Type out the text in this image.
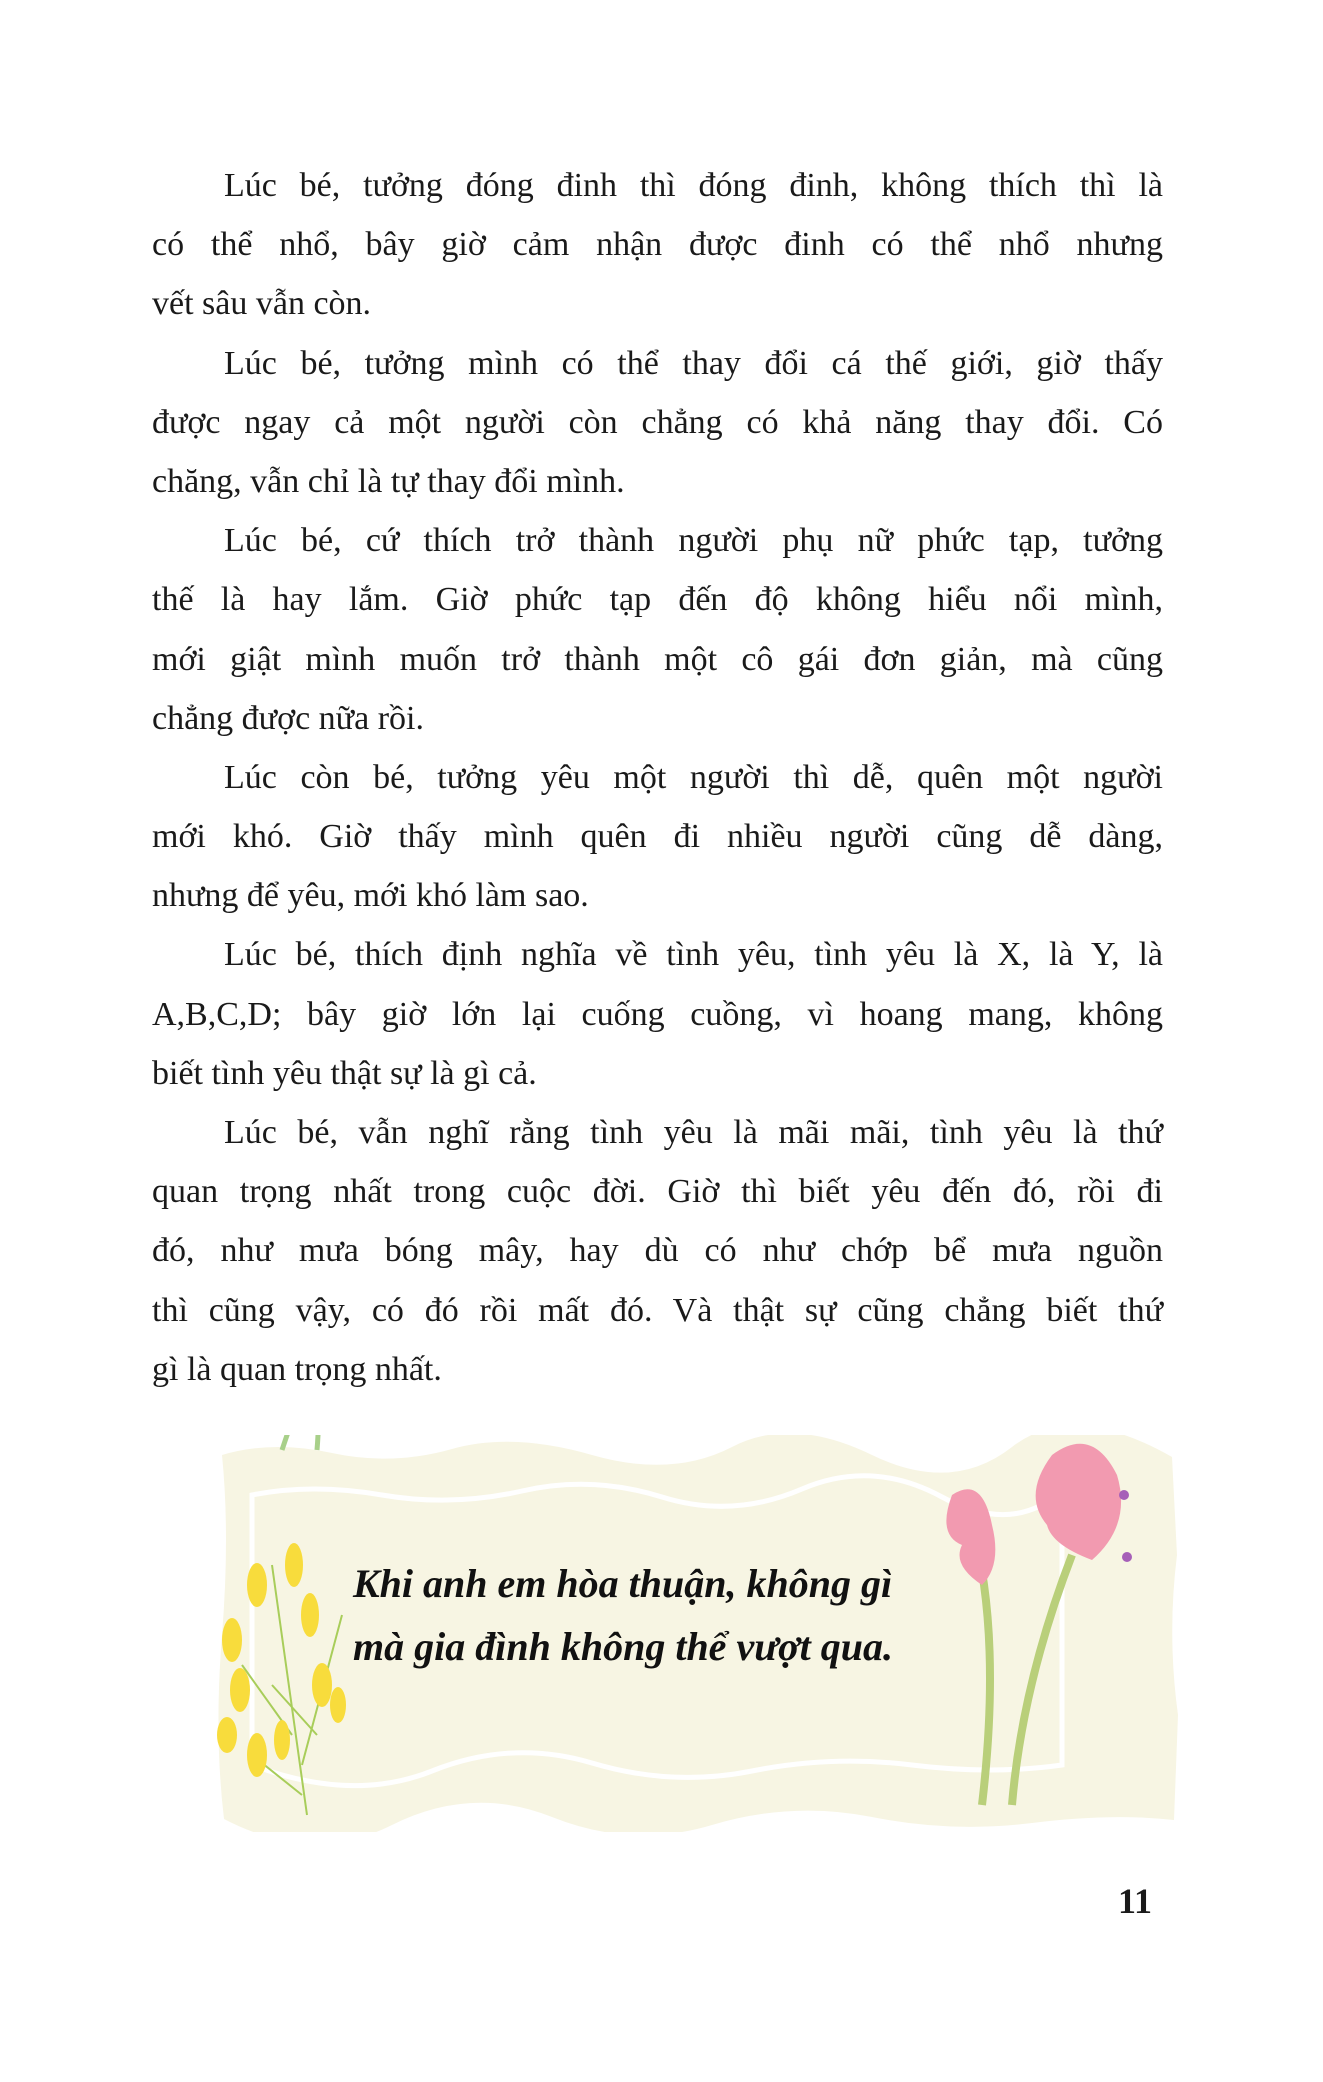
Lúc bé, tưởng đóng đinh thì đóng đinh, không thích thì là
có thể nhổ, bây giờ cảm nhận được đinh có thể nhổ nhưng
vết sâu vẫn còn.
Lúc bé, tưởng mình có thể thay đổi cá thế giới, giờ thấy
được ngay cả một người còn chẳng có khả năng thay đổi. Có
chăng, vẫn chỉ là tự thay đổi mình.
Lúc bé, cứ thích trở thành người phụ nữ phức tạp, tưởng
thế là hay lắm. Giờ phức tạp đến độ không hiểu nổi mình,
mới giật mình muốn trở thành một cô gái đơn giản, mà cũng
chẳng được nữa rồi.
Lúc còn bé, tưởng yêu một người thì dễ, quên một người
mới khó. Giờ thấy mình quên đi nhiều người cũng dễ dàng,
nhưng để yêu, mới khó làm sao.
Lúc bé, thích định nghĩa về tình yêu, tình yêu là X, là Y, là
A,B,C,D; bây giờ lớn lại cuống cuồng, vì hoang mang, không
biết tình yêu thật sự là gì cả.
Lúc bé, vẫn nghĩ rằng tình yêu là mãi mãi, tình yêu là thứ
quan trọng nhất trong cuộc đời. Giờ thì biết yêu đến đó, rồi đi
đó, như mưa bóng mây, hay dù có như chớp bể mưa nguồn
thì cũng vậy, có đó rồi mất đó. Và thật sự cũng chẳng biết thứ
gì là quan trọng nhất.
Khi anh em hòa thuận, không gì
mà gia đình không thể vượt qua.
11
